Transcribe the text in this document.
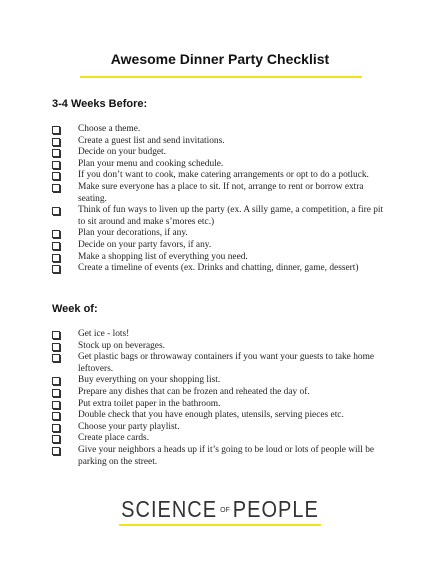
Awesome Dinner Party Checklist
3-4 Weeks Before:
Choose a theme.
Create a guest list and send invitations.
Decide on your budget.
Plan your menu and cooking schedule.
If you don’t want to cook, make catering arrangements or opt to do a potluck.
Make sure everyone has a place to sit. If not, arrange to rent or borrow extra seating.
Think of fun ways to liven up the party (ex. A silly game, a competition, a fire pit to sit around and make s’mores etc.)
Plan your decorations, if any.
Decide on your party favors, if any.
Make a shopping list of everything you need.
Create a timeline of events (ex. Drinks and chatting, dinner, game, dessert)
Week of:
Get ice - lots!
Stock up on beverages.
Get plastic bags or throwaway containers if you want your guests to take home leftovers.
Buy everything on your shopping list.
Prepare any dishes that can be frozen and reheated the day of.
Put extra toilet paper in the bathroom.
Double check that you have enough plates, utensils, serving pieces etc.
Choose your party playlist.
Create place cards.
Give your neighbors a heads up if it’s going to be loud or lots of people will be parking on the street.
SCIENCE OF PEOPLE
